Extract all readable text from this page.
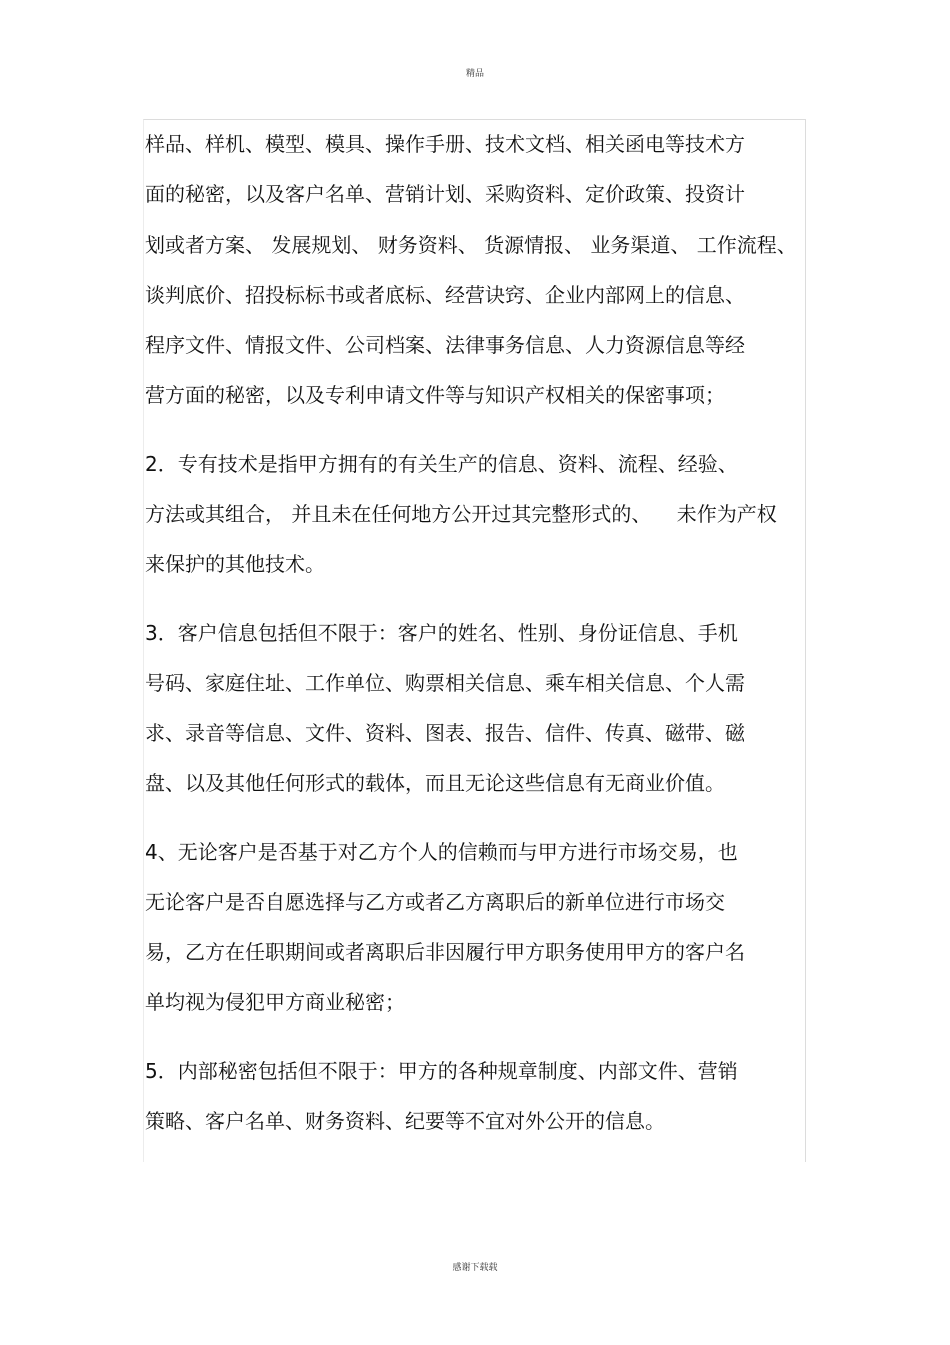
精品
样品、样机、模型、模具、操作手册、技术文档、相关函电等技术方
面的秘密，以及客户名单、营销计划、采购资料、定价政策、投资计
划或者方案、 发展规划、 财务资料、 货源情报、 业务渠道、 工作流程、
谈判底价、招投标标书或者底标、经营诀窍、企业内部网上的信息、
程序文件、情报文件、公司档案、法律事务信息、人力资源信息等经
营方面的秘密，以及专利申请文件等与知识产权相关的保密事项；
2．专有技术是指甲方拥有的有关生产的信息、资料、流程、经验、
方法或其组合， 并且未在任何地方公开过其完整形式的、    未作为产权
来保护的其他技术。
3．客户信息包括但不限于：客户的姓名、性别、身份证信息、手机
号码、家庭住址、工作单位、购票相关信息、乘车相关信息、个人需
求、录音等信息、文件、资料、图表、报告、信件、传真、磁带、磁
盘、以及其他任何形式的载体，而且无论这些信息有无商业价值。
4、无论客户是否基于对乙方个人的信赖而与甲方进行市场交易，也
无论客户是否自愿选择与乙方或者乙方离职后的新单位进行市场交
易，乙方在任职期间或者离职后非因履行甲方职务使用甲方的客户名
单均视为侵犯甲方商业秘密；
5．内部秘密包括但不限于：甲方的各种规章制度、内部文件、营销
策略、客户名单、财务资料、纪要等不宜对外公开的信息。
感谢下载载
